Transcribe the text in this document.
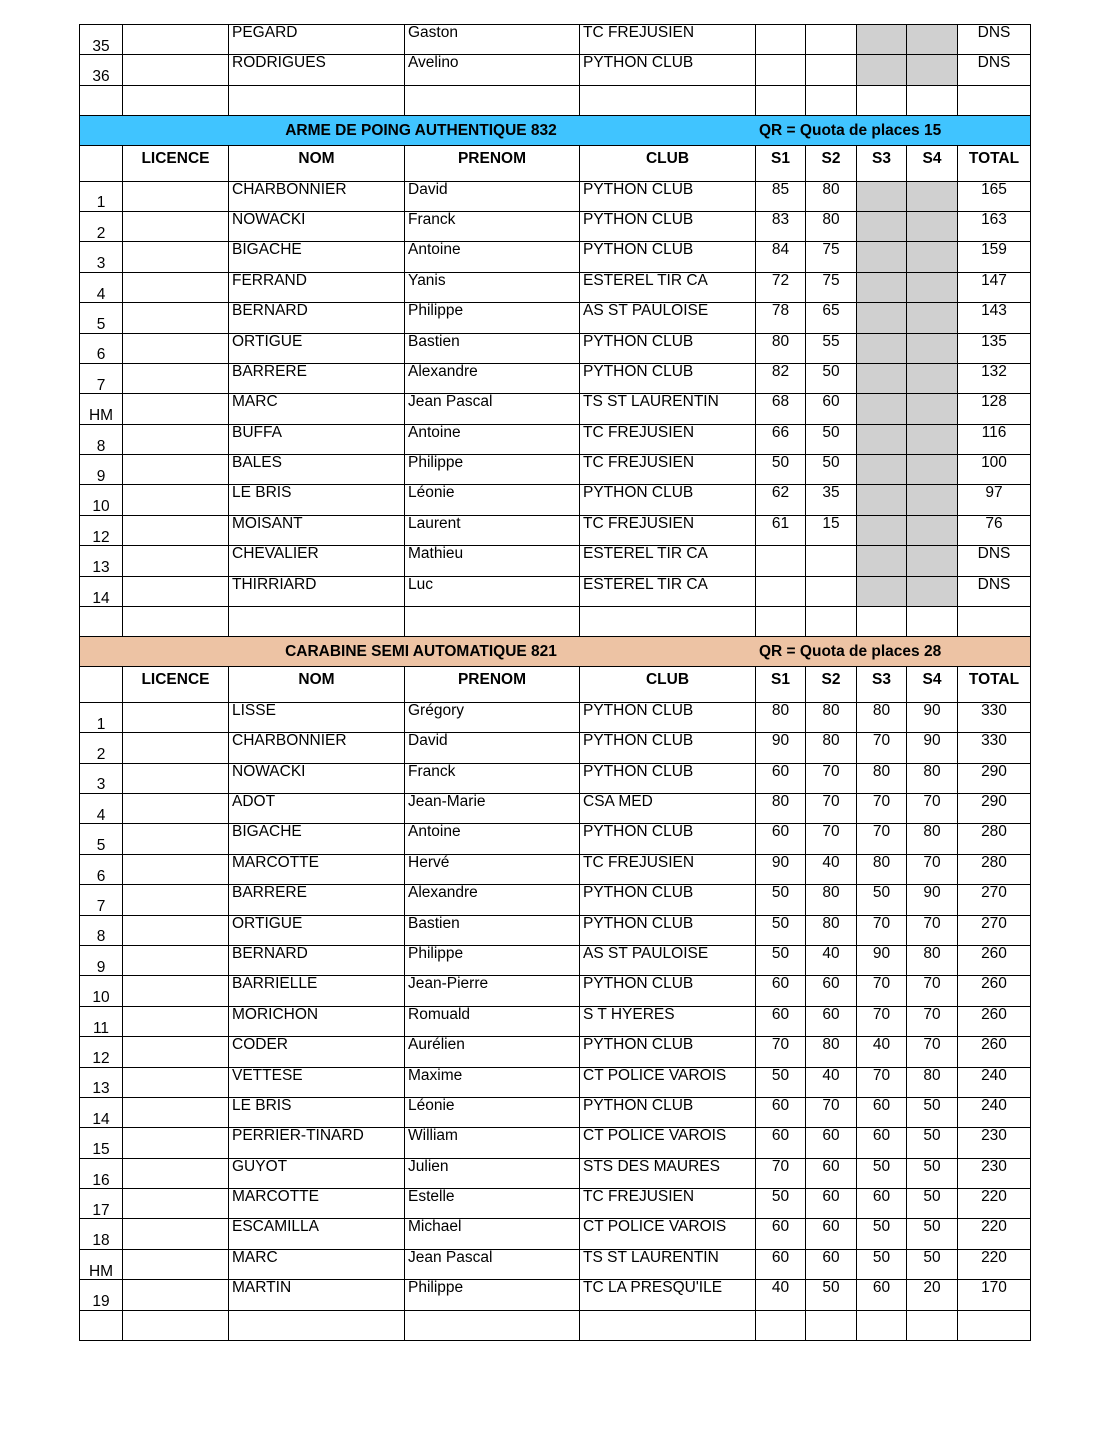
35		PEGARD	Gaston	TC FREJUSIEN					DNS
36		RODRIGUES	Avelino	PYTHON CLUB					DNS

ARME DE POING AUTHENTIQUE 832 QR = Quota de places 15									
	LICENCE	NOM	PRENOM	CLUB	S1	S2	S3	S4	TOTAL
1		CHARBONNIER	David	PYTHON CLUB	85	80			165
2		NOWACKI	Franck	PYTHON CLUB	83	80			163
3		BIGACHE	Antoine	PYTHON CLUB	84	75			159
4		FERRAND	Yanis	ESTEREL TIR CA	72	75			147
5		BERNARD	Philippe	AS ST PAULOISE	78	65			143
6		ORTIGUE	Bastien	PYTHON CLUB	80	55			135
7		BARRERE	Alexandre	PYTHON CLUB	82	50			132
HM		MARC	Jean Pascal	TS ST LAURENTIN	68	60			128
8		BUFFA	Antoine	TC FREJUSIEN	66	50			116
9		BALES	Philippe	TC FREJUSIEN	50	50			100
10		LE BRIS	Léonie	PYTHON CLUB	62	35			97
12		MOISANT	Laurent	TC FREJUSIEN	61	15			76
13		CHEVALIER	Mathieu	ESTEREL TIR CA					DNS
14		THIRRIARD	Luc	ESTEREL TIR CA					DNS

CARABINE SEMI AUTOMATIQUE 821 QR = Quota de places 28									
	LICENCE	NOM	PRENOM	CLUB	S1	S2	S3	S4	TOTAL
1		LISSE	Grégory	PYTHON CLUB	80	80	80	90	330
2		CHARBONNIER	David	PYTHON CLUB	90	80	70	90	330
3		NOWACKI	Franck	PYTHON CLUB	60	70	80	80	290
4		ADOT	Jean-Marie	CSA MED	80	70	70	70	290
5		BIGACHE	Antoine	PYTHON CLUB	60	70	70	80	280
6		MARCOTTE	Hervé	TC FREJUSIEN	90	40	80	70	280
7		BARRERE	Alexandre	PYTHON CLUB	50	80	50	90	270
8		ORTIGUE	Bastien	PYTHON CLUB	50	80	70	70	270
9		BERNARD	Philippe	AS ST PAULOISE	50	40	90	80	260
10		BARRIELLE	Jean-Pierre	PYTHON CLUB	60	60	70	70	260
11		MORICHON	Romuald	S T HYERES	60	60	70	70	260
12		CODER	Aurélien	PYTHON CLUB	70	80	40	70	260
13		VETTESE	Maxime	CT POLICE VAROIS	50	40	70	80	240
14		LE BRIS	Léonie	PYTHON CLUB	60	70	60	50	240
15		PERRIER-TINARD	William	CT POLICE VAROIS	60	60	60	50	230
16		GUYOT	Julien	STS DES MAURES	70	60	50	50	230
17		MARCOTTE	Estelle	TC FREJUSIEN	50	60	60	50	220
18		ESCAMILLA	Michael	CT POLICE VAROIS	60	60	50	50	220
HM		MARC	Jean Pascal	TS ST LAURENTIN	60	60	50	50	220
19		MARTIN	Philippe	TC LA PRESQU'ILE	40	50	60	20	170
